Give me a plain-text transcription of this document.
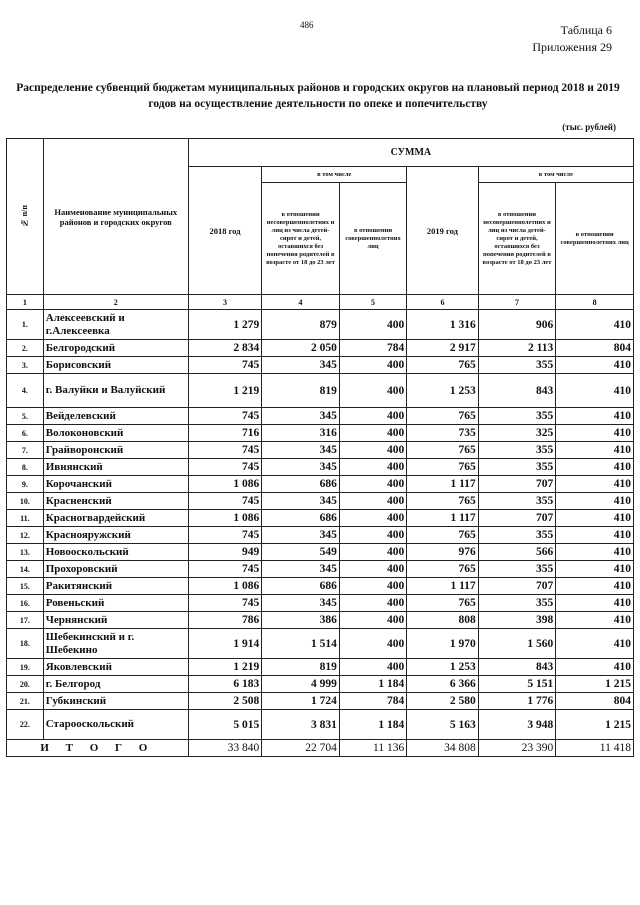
486	Таблица 6
Приложения 29
Распределение субвенций бюджетам муниципальных районов и городских округов на плановый период 2018 и 2019 годов на осуществление деятельности по опеке и попечительству
(тыс. рублей)
№ п/п	Наименование муниципальных районов и городских округов	СУММА					
		2018 год	в том числе		2019 год	в том числе	
			в отношении несовершеннолетних и лиц из числа детей-сирот и детей, оставшихся без попечения родителей в возрасте от 18 до 23 лет	в отношении совершеннолетних лиц		в отношении несовершеннолетних и лиц из числа детей-сирот и детей, оставшихся без попечения родителей в возрасте от 18 до 23 лет	в отношении совершеннолетних лиц

1	2	3	4	5	6	7	8
1.	Алексеевский и г.Алексеевка	1 279	879	400	1 316	906	410
2.	Белгородский	2 834	2 050	784	2 917	2 113	804
3.	Борисовский	745	345	400	765	355	410
4.	г. Валуйки и Валуйский	1 219	819	400	1 253	843	410
5.	Вейделевский	745	345	400	765	355	410
6.	Волоконовский	716	316	400	735	325	410
7.	Грайворонский	745	345	400	765	355	410
8.	Ивнянский	745	345	400	765	355	410
9.	Корочанский	1 086	686	400	1 117	707	410
10.	Красненский	745	345	400	765	355	410
11.	Красногвардейский	1 086	686	400	1 117	707	410
12.	Краснояружский	745	345	400	765	355	410
13.	Новооскольский	949	549	400	976	566	410
14.	Прохоровский	745	345	400	765	355	410
15.	Ракитянский	1 086	686	400	1 117	707	410
16.	Ровеньский	745	345	400	765	355	410
17.	Чернянский	786	386	400	808	398	410
18.	Шебекинский и г. Шебекино	1 914	1 514	400	1 970	1 560	410
19.	Яковлевский	1 219	819	400	1 253	843	410
20.	г. Белгород	6 183	4 999	1 184	6 366	5 151	1 215
21.	Губкинский	2 508	1 724	784	2 580	1 776	804
22.	Старооскольский	5 015	3 831	1 184	5 163	3 948	1 215
И Т О Г О		33 840	22 704	11 136	34 808	23 390	11 418
